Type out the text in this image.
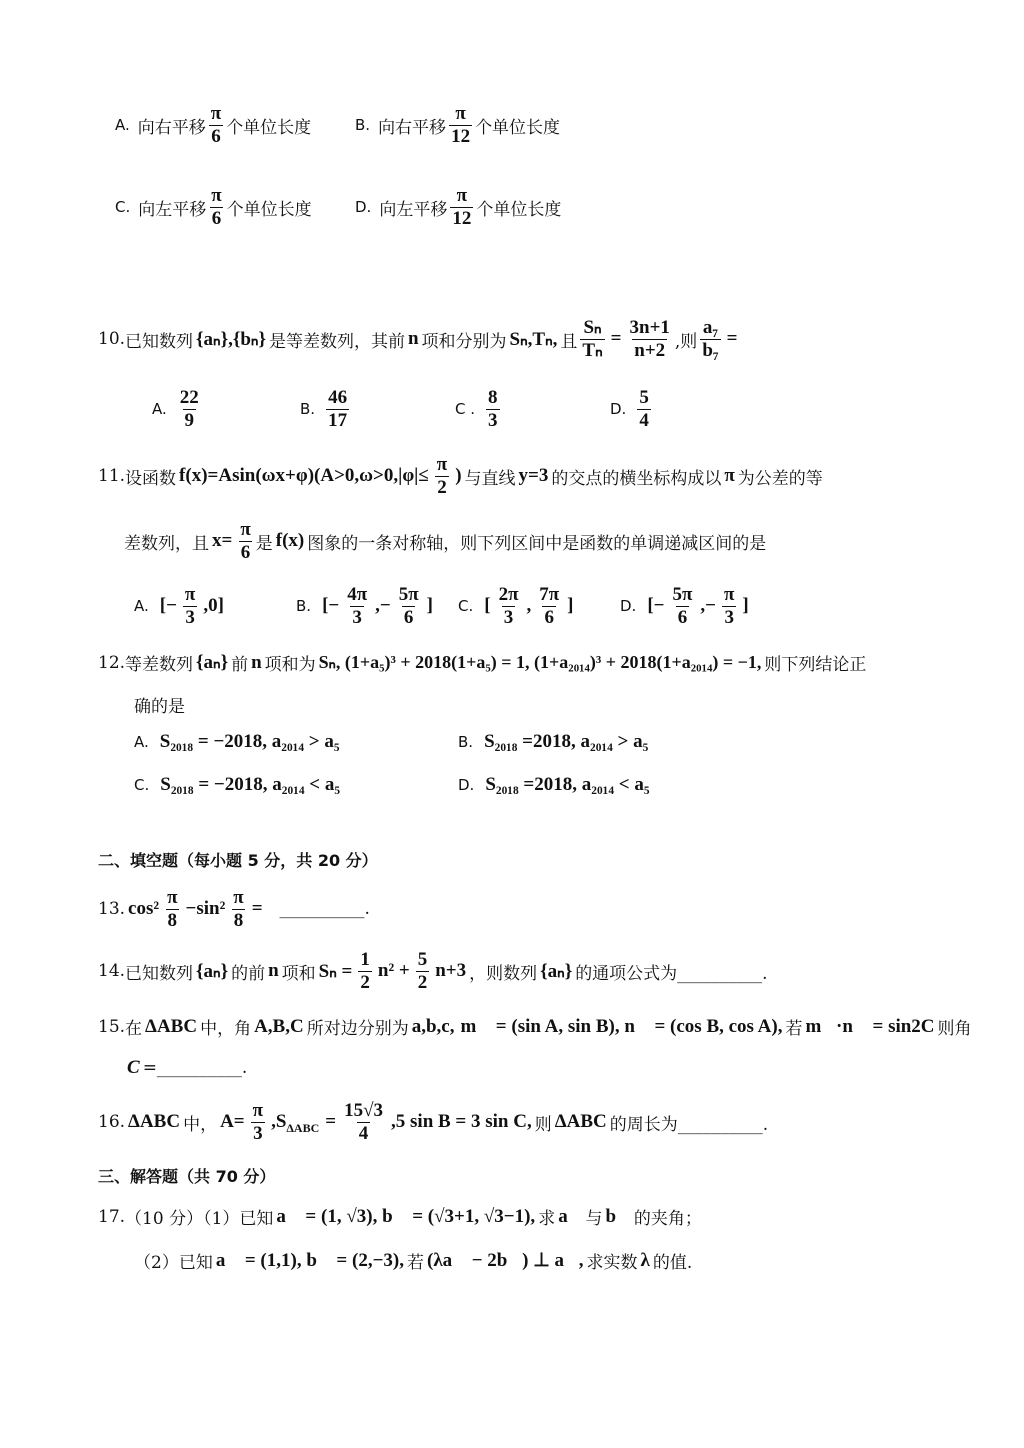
A. 向右平移 $\frac{\pi}{6}$ 个单位长度	B. 向右平移 $\frac{\pi}{12}$ 个单位长度
C. 向左平移 $\frac{\pi}{6}$ 个单位长度	D. 向左平移 $\frac{\pi}{12}$ 个单位长度
10. 已知数列 {aₙ},{bₙ} 是等差数列，其前 n 项和分别为 Sₙ,Tₙ, 且 $\frac{\text{Sₙ}}{\text{Tₙ}} = \frac{3n+1}{n+2}$ ,则 $\frac{\text{a₇}}{\text{b₇}}$ =
A. $\frac{22}{9}$	B. $\frac{46}{17}$	C . $\frac{8}{3}$	D. $\frac{5}{4}$
11. 设函数 $f(x)=Asin(\omega x+\varphi)(A>0,\omega>0,|\varphi|\le \frac{\pi}{2}$ ) 与直线 y=3 的交点的横坐标构成以 π 为公差的等
差数列，且 $x= \frac{\pi}{6}$ 是 f(x) 图象的一条对称轴，则下列区间中是函数的单调递减区间的是
A. [− $\frac{\pi}{3} ,0$]	B. [− $\frac{4\pi}{3}$ ,− $\frac{5\pi}{6}$ ] C. [ $\frac{2\pi}{3}$ , $\frac{7\pi}{6}$ ]	D. [− $\frac{5\pi}{6}$ ,− $\frac{\pi}{3}$ ]
12. 等差数列 {aₙ} 前 n 项和为 Sₙ, (1+a₅)³ + 2018(1+a₅) = 1, (1+a₂₀₁₄)³ + 2018(1+a₂₀₁₄) = −1, 则下列结论正
确的是
A. S₂₀₁₈ = −2018, a₂₀₁₄ > a₅	B. S₂₀₁₈ =2018, a₂₀₁₄ > a₅
C. S₂₀₁₈ = −2018, a₂₀₁₄ < a₅	D. S₂₀₁₈ =2018, a₂₀₁₄ < a₅
二、填空题（每小题 5 分，共 20 分）
13. $\cos^2 \frac{\pi}{8} -\sin^2 \frac{\pi}{8}$ = __________.
14. 已知数列 {aₙ} 的前 n 项和 $S_n = \frac{1}{2} n^2 + \frac{5}{2} n+3$ ，则数列 {aₙ} 的通项公式为__________.
15. 在 ΔABC 中，角 A,B,C 所对边分别为 a,b,c, m⃗ = (sin A, sin B), n⃗ = (cos B, cos A), 若 m⃗·n⃗ = sin2C 则角
C =__________.
16. ΔABC 中， $A= \frac{\pi}{3} ,S$ $\Delta ABC = \frac{15√3}{4} ,5$ sin B = 3 sin C, 则 ΔABC 的周长为__________.
三、解答题（共 70 分）
17. （10 分）（1）已知 a⃗ = (1, √3), b⃗ = (√3+1, √3−1), 求 a⃗ 与 b⃗ 的夹角；
（2）已知 a⃗ = (1,1), b⃗ = (2,−3), 若 (λa⃗ − 2b⃗) ⊥ a⃗, 求实数 λ 的值.
